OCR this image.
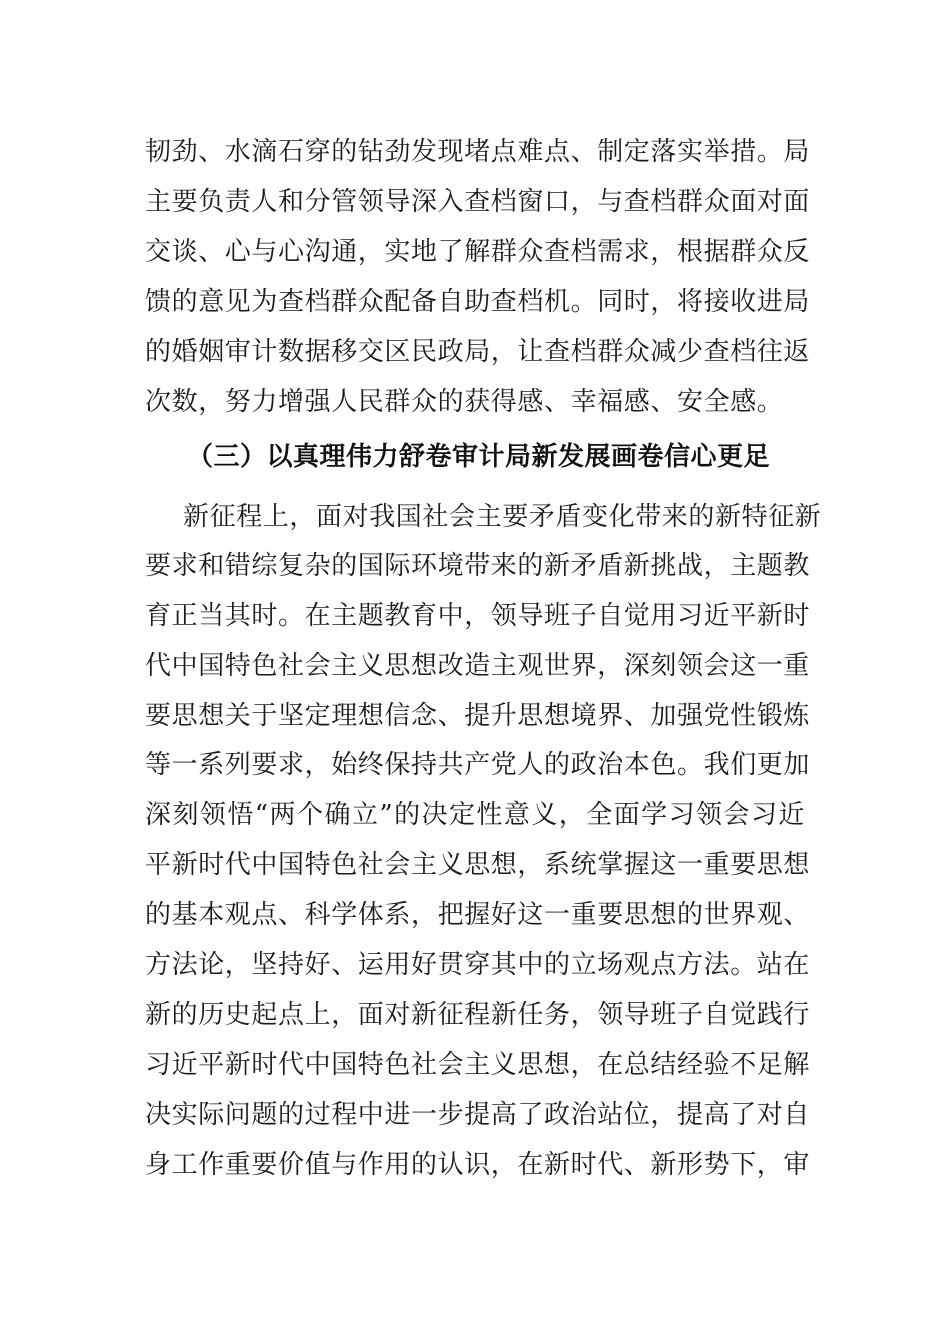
韧劲、水滴石穿的钻劲发现堵点难点、制定落实举措。局
主要负责人和分管领导深入查档窗口，与查档群众面对面
交谈、心与心沟通，实地了解群众查档需求，根据群众反
馈的意见为查档群众配备自助查档机。同时，将接收进局
的婚姻审计数据移交区民政局，让查档群众减少查档往返
次数，努力增强人民群众的获得感、幸福感、安全感。
（三）以真理伟力舒卷审计局新发展画卷信心更足
新征程上，面对我国社会主要矛盾变化带来的新特征新
要求和错综复杂的国际环境带来的新矛盾新挑战，主题教
育正当其时。在主题教育中，领导班子自觉用习近平新时
代中国特色社会主义思想改造主观世界，深刻领会这一重
要思想关于坚定理想信念、提升思想境界、加强党性锻炼
等一系列要求，始终保持共产党人的政治本色。我们更加
深刻领悟“两个确立”的决定性意义，全面学习领会习近
平新时代中国特色社会主义思想，系统掌握这一重要思想
的基本观点、科学体系，把握好这一重要思想的世界观、
方法论，坚持好、运用好贯穿其中的立场观点方法。站在
新的历史起点上，面对新征程新任务，领导班子自觉践行
习近平新时代中国特色社会主义思想，在总结经验不足解
决实际问题的过程中进一步提高了政治站位，提高了对自
身工作重要价值与作用的认识，在新时代、新形势下，审
